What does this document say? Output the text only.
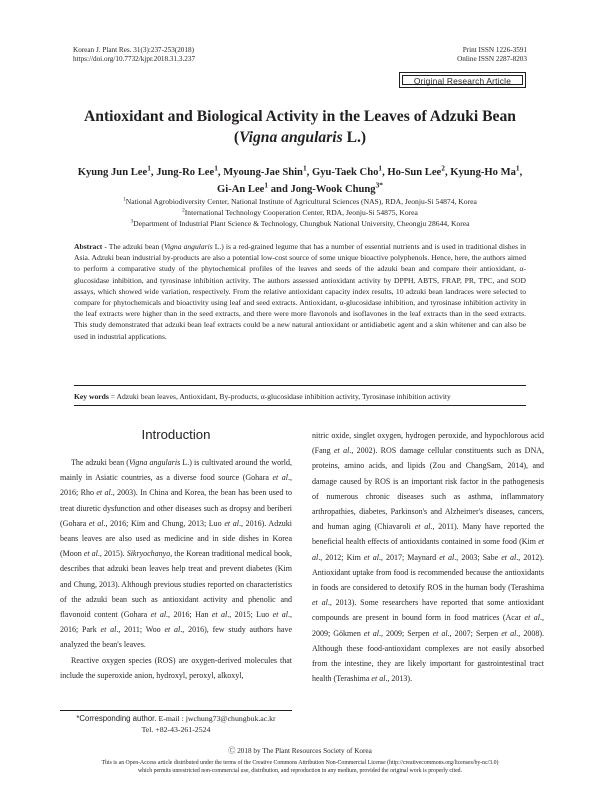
Korean J. Plant Res. 31(3):237-253(2018)
https://doi.org/10.7732/kjpr.2018.31.3.237
Print ISSN 1226-3591
Online ISSN 2287-8203
Original Research Article
Antioxidant and Biological Activity in the Leaves of Adzuki Bean
(Vigna angularis L.)
Kyung Jun Lee$^1$, Jung-Ro Lee$^1$, Myoung-Jae Shin$^1$, Gyu-Taek Cho$^1$, Ho-Sun Lee$^2$, Kyung-Ho Ma$^1$,
Gi-An Lee$^1$ and Jong-Wook Chung$^{3*}$
$^1$National Agrobiodiversity Center, National Institute of Agricultural Sciences (NAS), RDA, Jeonju-Si 54874, Korea
$^2$International Technology Cooperation Center, RDA, Jeonju-Si 54875, Korea
$^3$Department of Industrial Plant Science & Technology, Chungbuk National University, Cheongju 28644, Korea
Abstract - The adzuki bean (Vigna angularis L.) is a red-grained legume that has a number of essential nutrients and is used in traditional dishes in Asia. Adzuki bean industrial by-products are also a potential low-cost source of some unique bioactive polyphenols. Hence, here, the authors aimed to perform a comparative study of the phytochemical profiles of the leaves and seeds of the adzuki bean and compare their antioxidant, α-glucosidase inhibition, and tyrosinase inhibition activity. The authors assessed antioxidant activity by DPPH, ABTS, FRAP, PR, TPC, and SOD assays, which showed wide variation, respectively. From the relative antioxidant capacity index results, 10 adzuki bean landraces were selected to compare for phytochemicals and bioactivity using leaf and seed extracts. Antioxidant, α-glucosidase inhibition, and tyrosinase inhibition activity in the leaf extracts were higher than in the seed extracts, and there were more flavonols and isoflavones in the leaf extracts than in the seed extracts. This study demonstrated that adzuki bean leaf extracts could be a new natural antioxidant or antidiabetic agent and a skin whitener and can also be used in industrial applications.
Key words = Adzuki bean leaves, Antioxidant, By-products, α-glucosidase inhibition activity, Tyrosinase inhibition activity
Introduction

The adzuki bean (Vigna angularis L.) is cultivated around the world, mainly in Asiatic countries, as a diverse food source (Gohara et al., 2016; Rho et al., 2003). In China and Korea, the bean has been used to treat diuretic dysfunction and other diseases such as dropsy and beriberi (Gohara et al., 2016; Kim and Chung, 2013; Luo et al., 2016). Adzuki beans leaves are also used as medicine and in side dishes in Korea (Moon et al., 2015). Sikryochanyo, the Korean traditional medical book, describes that adzuki bean leaves help treat and prevent diabetes (Kim and Chung, 2013). Although previous studies reported on characteristics of the adzuki bean such as antioxidant activity and phenolic and flavonoid content (Gohara et al., 2016; Han et al., 2015; Luo et al., 2016; Park et al., 2011; Woo et al., 2016), few study authors have analyzed the bean's leaves.

Reactive oxygen species (ROS) are oxygen-derived molecules that include the superoxide anion, hydroxyl, peroxyl, alkoxyl,

nitric oxide, singlet oxygen, hydrogen peroxide, and hypochlorous acid (Fang et al., 2002). ROS damage cellular constituents such as DNA, proteins, amino acids, and lipids (Zou and ChangSam, 2014), and damage caused by ROS is an important risk factor in the pathogenesis of numerous chronic diseases such as asthma, inflammatory arthropathies, diabetes, Parkinson's and Alzheimer's diseases, cancers, and human aging (Chiavaroli et al., 2011). Many have reported the beneficial health effects of antioxidants contained in some food (Kim et al., 2012; Kim et al., 2017; Maynard et al., 2003; Sabe et al., 2012). Antioxidant uptake from food is recommended because the antioxidants in foods are considered to detoxify ROS in the human body (Terashima et al., 2013). Some researchers have reported that some antioxidant compounds are present in bound form in food matrices (Acar et al., 2009; Gökmen et al., 2009; Serpen et al., 2007; Serpen et al., 2008). Although these food-antioxidant complexes are not easily absorbed from the intestine, they are likely important for gastrointestinal tract health (Terashima et al., 2013).

*Corresponding author. E-mail : jwchung73@chungbuk.ac.kr
Tel. +82-43-261-2524
Ⓒ 2018 by The Plant Resources Society of Korea
This is an Open-Access article distributed under the terms of the Creative Commons Attribution Non-Commercial License (http://creativecommons.org/licenses/by-nc/3.0)
which permits unrestricted non-commercial use, distribution, and reproduction in any medium, provided the original work is properly cited.
